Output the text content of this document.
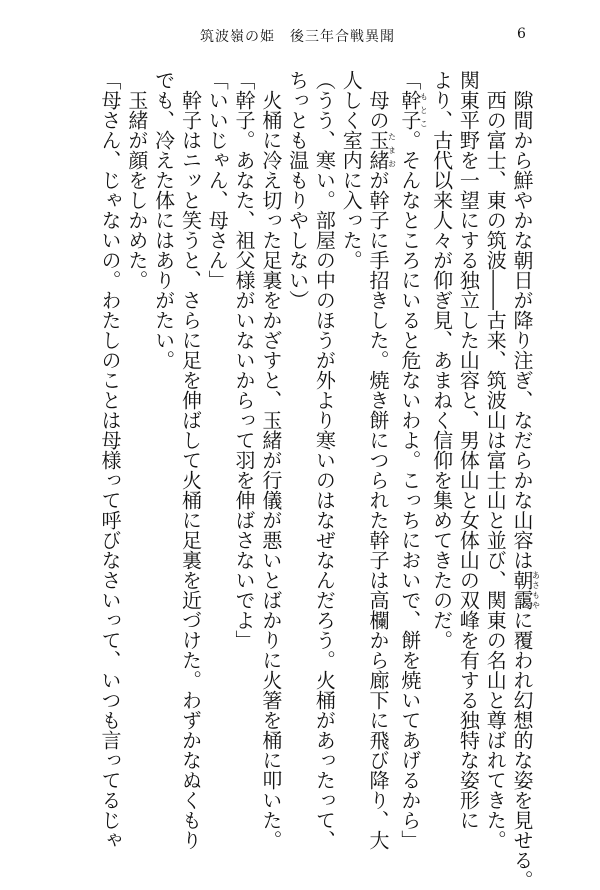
筑波嶺の姫　後三年合戦異聞	6
隙間から鮮やかな朝日が降り注ぎ、なだらかな山容は朝靄あさもやに覆われ幻想的な姿を見せる。
西の富士、東の筑波――古来、筑波山は富士山と並び、関東の名山と尊ばれてきた。
関東平野を一望にする独立した山容と、男体山と女体山の双峰を有する独特な姿形に
より、古代以来人々が仰ぎ見、あまねく信仰を集めてきたのだ。
「幹子もとこ。そんなところにいると危ないわよ。こっちにおいで、餅を焼いてあげるから」
母の玉緒たまおが幹子に手招きした。焼き餅につられた幹子は高欄から廊下に飛び降り、大
人しく室内に入った。
（うう、寒い。部屋の中のほうが外より寒いのはなぜなんだろう。火桶があったって、
ちっとも温もりやしない）
火桶に冷え切った足裏をかざすと、玉緒が行儀が悪いとばかりに火箸を桶に叩いた。
「幹子。あなた、祖父様がいないからって羽を伸ばさないでよ」
「いいじゃん、母さん」
幹子はニッと笑うと、さらに足を伸ばして火桶に足裏を近づけた。わずかなぬくもり
でも、冷えた体にはありがたい。
玉緒が顔をしかめた。
「母さん、じゃないの。わたしのことは母様って呼びなさいって、いつも言ってるじゃ
